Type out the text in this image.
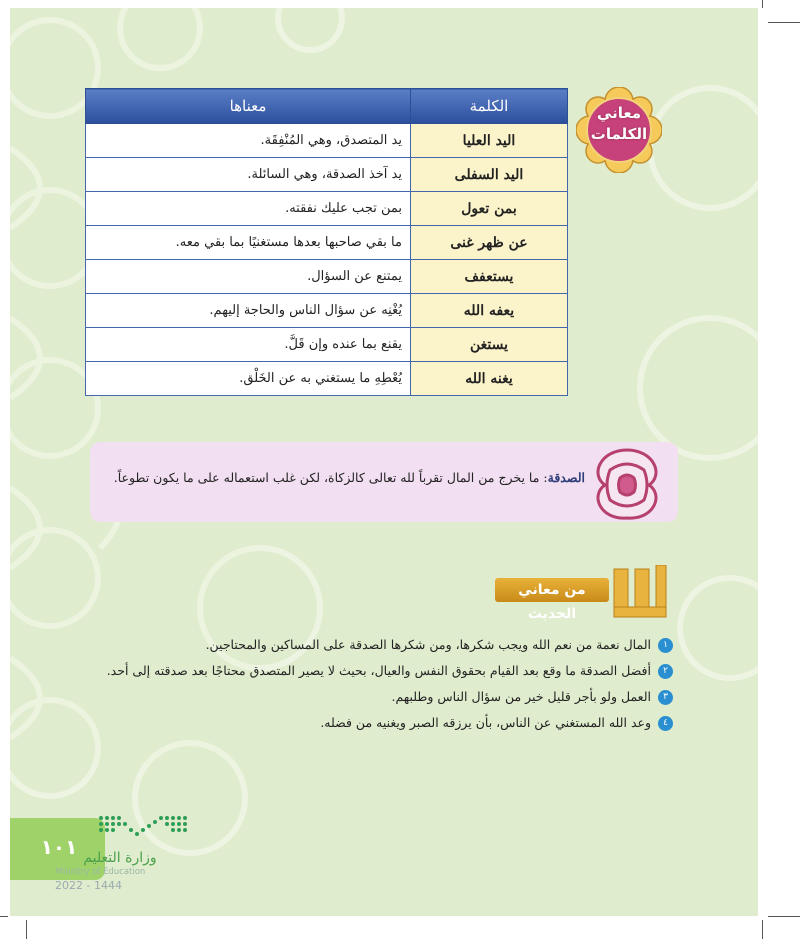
معاني
الكلمات
الكلمة	معناها
اليد العليا	يد المتصدق، وهي المُنْفِقَة.
اليد السفلى	يد آخذ الصدقة، وهي السائلة.
بمن تعول	بمن تجب عليك نفقته.
عن ظهر غنى	ما بقي صاحبها بعدها مستغنيًا بما بقي معه.
يستعفف	يمتنع عن السؤال.
يعفه الله	يُغْنِه عن سؤال الناس والحاجة إليهم.
يستغن	يقنع بما عنده وإن قَلَّ.
يغنه الله	يُعْطِهِ ما يستغني به عن الخَلْق.
الصدقة: ما يخرج من المال تقرباً لله تعالى كالزكاة، لكن غلب استعماله على ما يكون تطوعاً.
من معاني الحديث
١
المال نعمة من نعم الله ويجب شكرها، ومن شكرها الصدقة على المساكين والمحتاجين.
٢
أفضل الصدقة ما وقع بعد القيام بحقوق النفس والعيال، بحيث لا يصير المتصدق محتاجًا بعد صدقته إلى أحد.
٣
العمل ولو بأجر قليل خير من سؤال الناس وطلبهم.
٤
وعد الله المستغني عن الناس، بأن يرزقه الصبر ويغنيه من فضله.
١٠١ وزارة التعليم
Ministry of Education
2022 - 1444
